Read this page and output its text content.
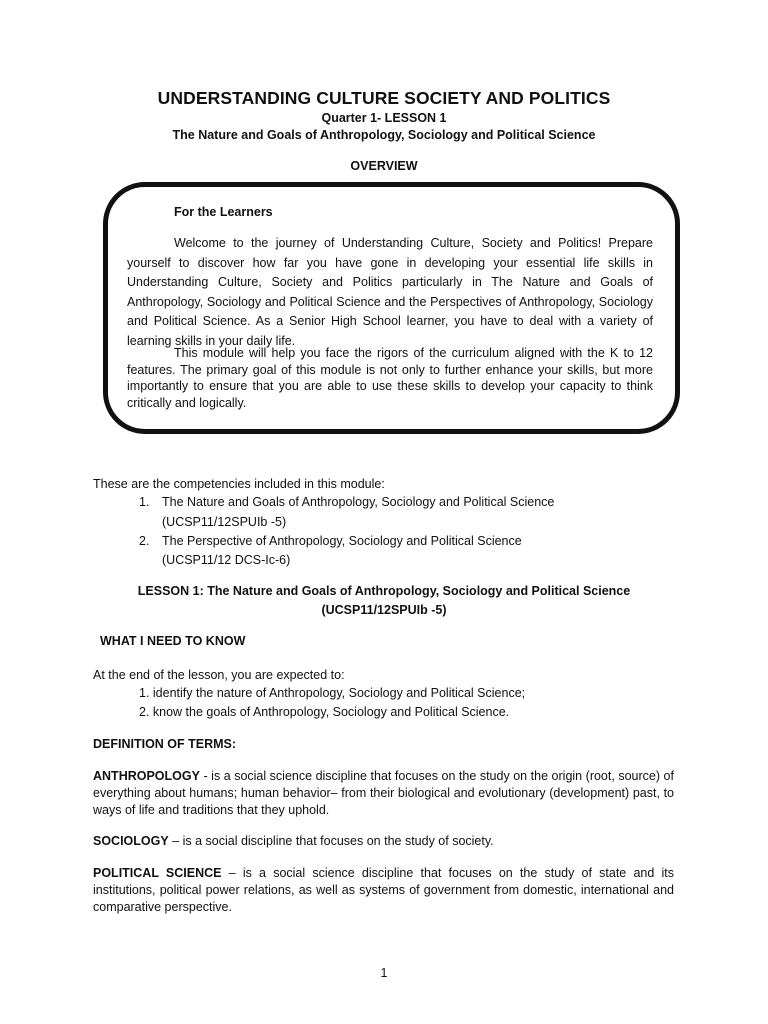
UNDERSTANDING CULTURE SOCIETY AND POLITICS
Quarter 1- LESSON 1
The Nature and Goals of Anthropology, Sociology and Political Science
OVERVIEW
For the Learners
Welcome to the journey of Understanding Culture, Society and Politics! Prepare yourself to discover how far you have gone in developing your essential life skills in Understanding Culture, Society and Politics particularly in The Nature and Goals of Anthropology, Sociology and Political Science and the Perspectives of Anthropology, Sociology and Political Science. As a Senior High School learner, you have to deal with a variety of learning skills in your daily life.
This module will help you face the rigors of the curriculum aligned with the K to 12 features. The primary goal of this module is not only to further enhance your skills, but more importantly to ensure that you are able to use these skills to develop your capacity to think critically and logically.
These are the competencies included in this module:
1. The Nature and Goals of Anthropology, Sociology and Political Science
(UCSP11/12SPUIb -5)
2. The Perspective of Anthropology, Sociology and Political Science
(UCSP11/12 DCS-Ic-6)
LESSON 1: The Nature and Goals of Anthropology, Sociology and Political Science
(UCSP11/12SPUIb -5)
WHAT I NEED TO KNOW
At the end of the lesson, you are expected to:
1. identify the nature of Anthropology, Sociology and Political Science;
2. know the goals of Anthropology, Sociology and Political Science.
DEFINITION OF TERMS:
ANTHROPOLOGY - is a social science discipline that focuses on the study on the origin (root, source) of everything about humans; human behavior– from their biological and evolutionary (development) past, to ways of life and traditions that they uphold.
SOCIOLOGY – is a social discipline that focuses on the study of society.
POLITICAL SCIENCE – is a social science discipline that focuses on the study of state and its institutions, political power relations, as well as systems of government from domestic, international and comparative perspective.
1
